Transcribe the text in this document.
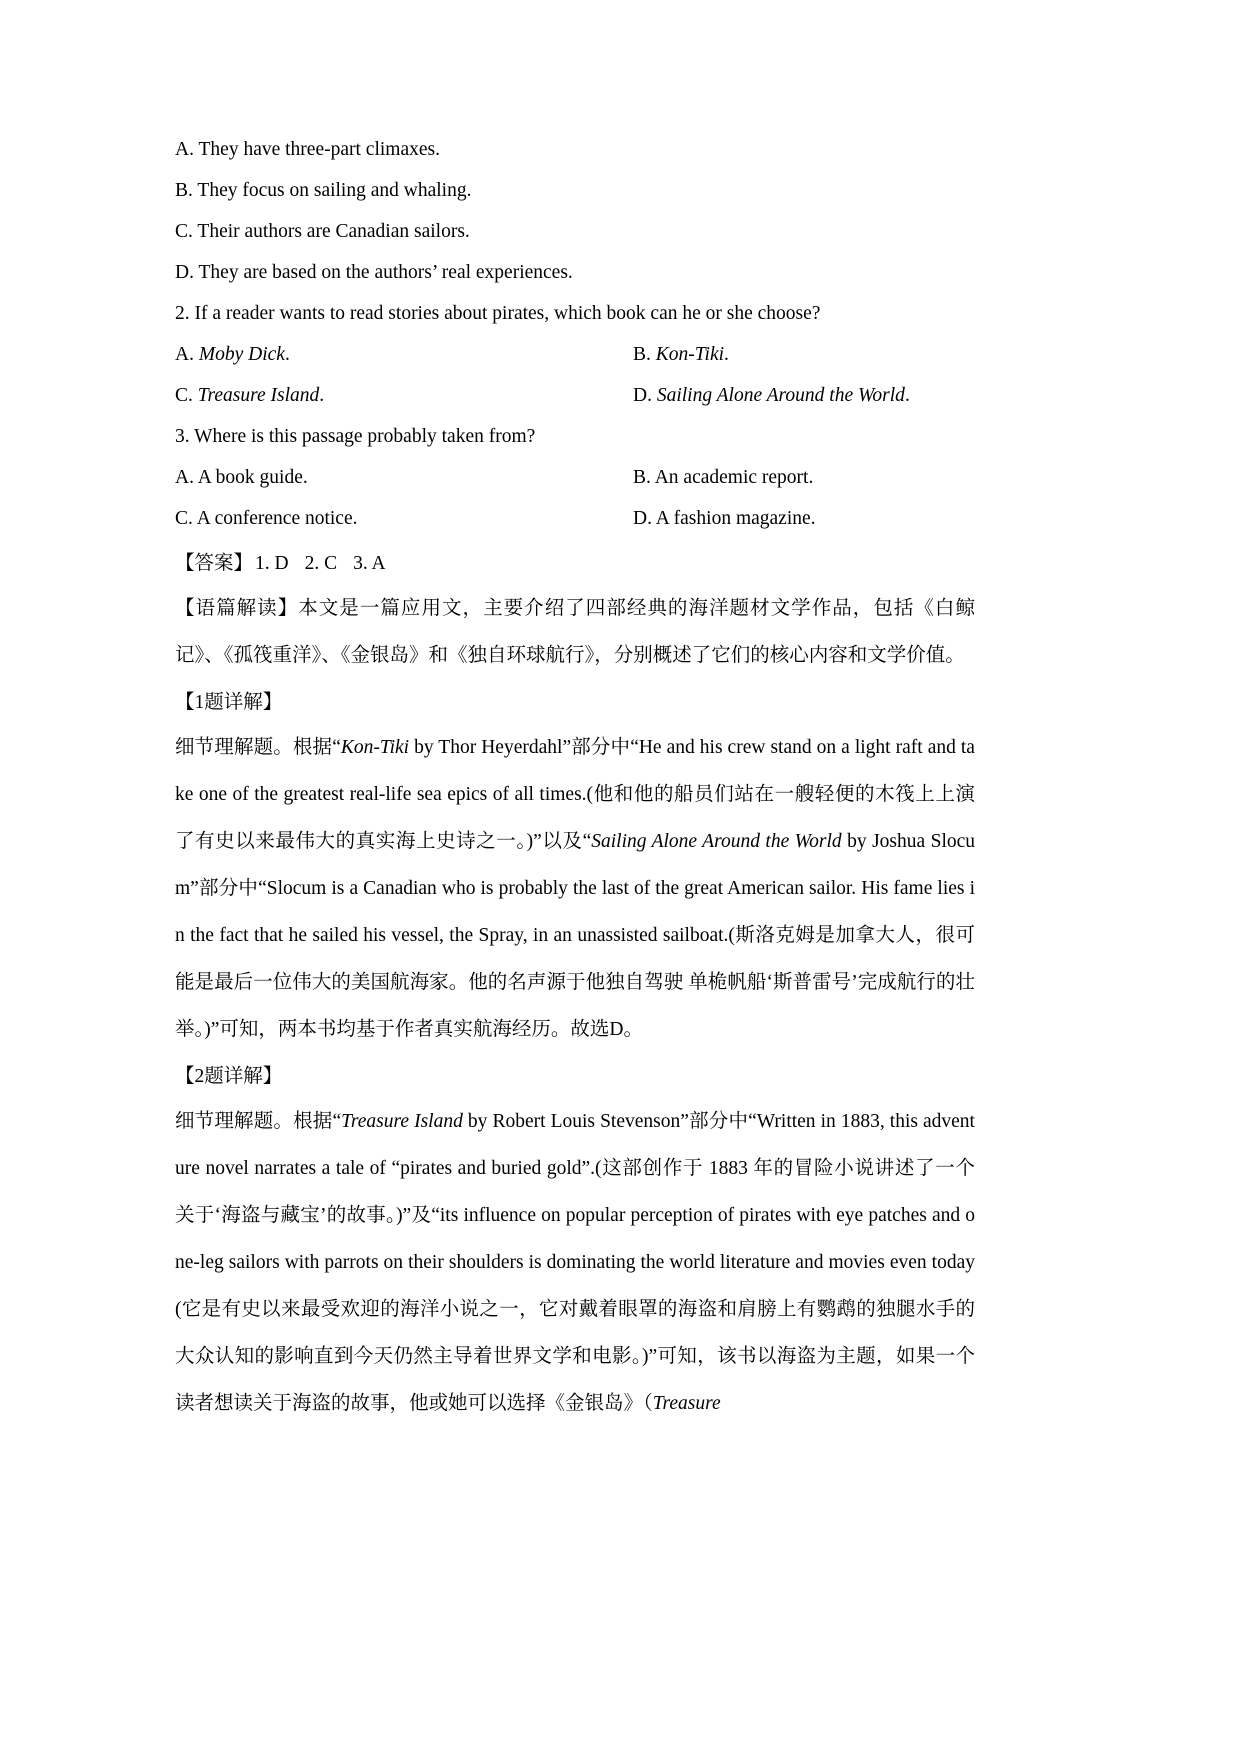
A. They have three-part climaxes.
B. They focus on sailing and whaling.
C. Their authors are Canadian sailors.
D. They are based on the authors’ real experiences.
2. If a reader wants to read stories about pirates, which book can he or she choose?
A. Moby Dick.	B. Kon-Tiki.
C. Treasure Island.	D. Sailing Alone Around the World.
3. Where is this passage probably taken from?
A. A book guide.	B. An academic report.
C. A conference notice.	D. A fashion magazine.
【答案】 1. D 2. C 3. A
【语篇解读】本文是一篇应用文，主要介绍了四部经典的海洋题材文学作品，包括《白鲸记》、《孤筏重洋》、《金银岛》和《独自环球航行》，分别概述了它们的核心内容和文学价值。
【1题详解】
细节理解题。根据“Kon-Tiki by Thor Heyerdahl”部分中“He and his crew stand on a light raft and take one of the greatest real-life sea epics of all times.(他和他的船员们站在一艘轻便的木筏上上演了有史以来最伟大的真实海上史诗之一。)”以及“Sailing Alone Around the World by Joshua Slocum”部分中“Slocum is a Canadian who is probably the last of the great American sailor. His fame lies in the fact that he sailed his vessel, the Spray, in an unassisted sailboat.(斯洛克姆是加拿大人，很可能是最后一位伟大的美国航海家。他的名声源于他独自驾驶 单桅帆船‘斯普雷号’完成航行的壮举。)”可知，两本书均基于作者真实航海经历。故选D。
【2题详解】
细节理解题。根据“Treasure Island by Robert Louis Stevenson”部分中“Written in 1883, this adventure novel narrates a tale of “pirates and buried gold”.(这部创作于 1883 年的冒险小说讲述了一个关于‘海盗与藏宝’的故事。)”及“its influence on popular perception of pirates with eye patches and one-leg sailors with parrots on their shoulders is dominating the world literature and movies even today(它是有史以来最受欢迎的海洋小说之一，它对戴着眼罩的海盗和肩膀上有鹦鹉的独腿水手的大众认知的影响直到今天仍然主导着世界文学和电影。)”可知，该书以海盗为主题，如果一个读者想读关于海盗的故事，他或她可以选择《金银岛》（Treasure
